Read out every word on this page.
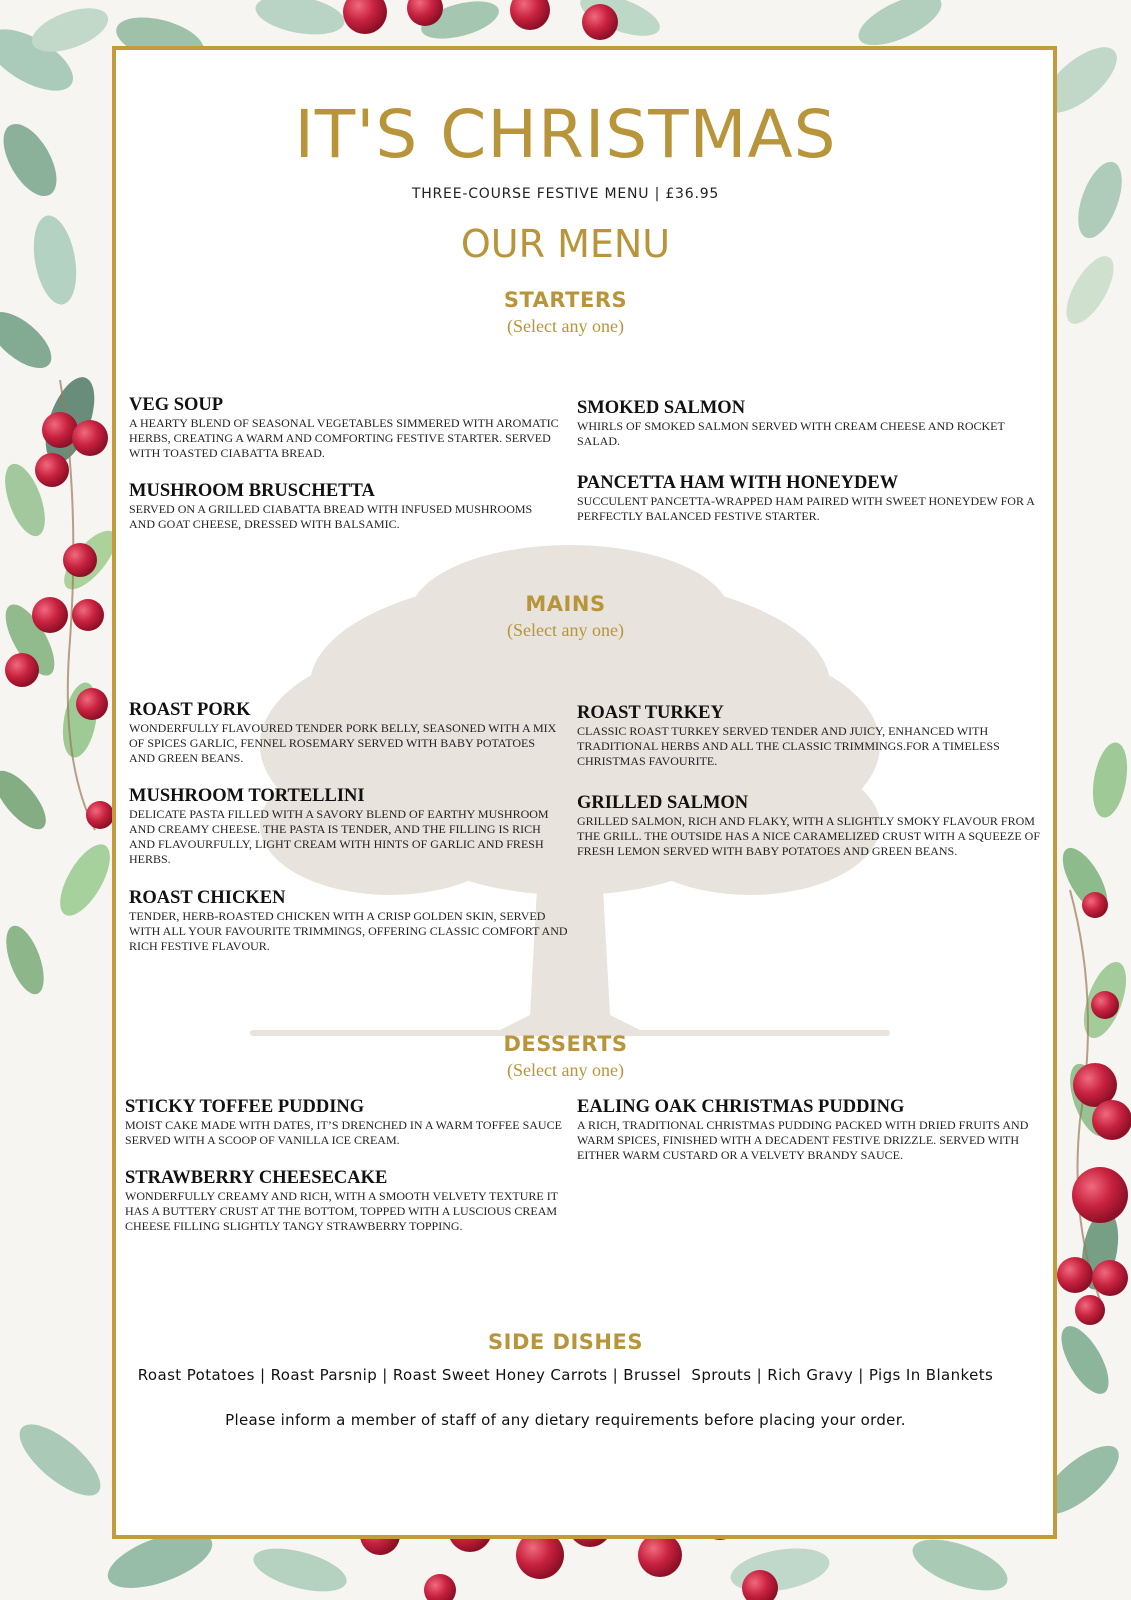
IT'S CHRISTMAS
THREE-COURSE FESTIVE MENU | £36.95
OUR MENU
STARTERS
(Select any one)
VEG SOUP
A HEARTY BLEND OF SEASONAL VEGETABLES SIMMERED WITH AROMATIC HERBS, CREATING A WARM AND COMFORTING FESTIVE STARTER. SERVED WITH TOASTED CIABATTA BREAD.
SMOKED SALMON
WHIRLS OF SMOKED SALMON SERVED WITH CREAM CHEESE AND ROCKET SALAD.
MUSHROOM BRUSCHETTA
SERVED ON A GRILLED CIABATTA BREAD WITH INFUSED MUSHROOMS AND GOAT CHEESE, DRESSED WITH BALSAMIC.
PANCETTA HAM WITH HONEYDEW
SUCCULENT PANCETTA-WRAPPED HAM PAIRED WITH SWEET HONEYDEW FOR A PERFECTLY BALANCED FESTIVE STARTER.
MAINS
(Select any one)
ROAST PORK
WONDERFULLY FLAVOURED TENDER PORK BELLY, SEASONED WITH A MIX OF SPICES GARLIC, FENNEL ROSEMARY SERVED WITH BABY POTATOES AND GREEN BEANS.
ROAST TURKEY
CLASSIC ROAST TURKEY SERVED TENDER AND JUICY, ENHANCED WITH TRADITIONAL HERBS AND ALL THE CLASSIC TRIMMINGS.FOR A TIMELESS CHRISTMAS FAVOURITE.
MUSHROOM TORTELLINI
DELICATE PASTA FILLED WITH A SAVORY BLEND OF EARTHY MUSHROOM AND CREAMY CHEESE. THE PASTA IS TENDER, AND THE FILLING IS RICH AND FLAVOURFULLY, LIGHT CREAM WITH HINTS OF GARLIC AND FRESH HERBS.
GRILLED SALMON
GRILLED SALMON, RICH AND FLAKY, WITH A SLIGHTLY SMOKY FLAVOUR FROM THE GRILL. THE OUTSIDE HAS A NICE CARAMELIZED CRUST WITH A SQUEEZE OF FRESH LEMON SERVED WITH BABY POTATOES AND GREEN BEANS.
ROAST CHICKEN
TENDER, HERB-ROASTED CHICKEN WITH A CRISP GOLDEN SKIN, SERVED WITH ALL YOUR FAVOURITE TRIMMINGS, OFFERING CLASSIC COMFORT AND RICH FESTIVE FLAVOUR.
DESSERTS
(Select any one)
STICKY TOFFEE PUDDING
MOIST CAKE MADE WITH DATES, IT’S DRENCHED IN A WARM TOFFEE SAUCE SERVED WITH A SCOOP OF VANILLA ICE CREAM.
EALING OAK CHRISTMAS PUDDING
A RICH, TRADITIONAL CHRISTMAS PUDDING PACKED WITH DRIED FRUITS AND WARM SPICES, FINISHED WITH A DECADENT FESTIVE DRIZZLE. SERVED WITH EITHER WARM CUSTARD OR A VELVETY BRANDY SAUCE.
STRAWBERRY CHEESECAKE
WONDERFULLY CREAMY AND RICH, WITH A SMOOTH VELVETY TEXTURE IT HAS A BUTTERY CRUST AT THE BOTTOM, TOPPED WITH A LUSCIOUS CREAM CHEESE FILLING SLIGHTLY TANGY STRAWBERRY TOPPING.
SIDE DISHES
Roast Potatoes | Roast Parsnip | Roast Sweet Honey Carrots | Brussel  Sprouts | Rich Gravy | Pigs In Blankets
Please inform a member of staff of any dietary requirements before placing your order.
